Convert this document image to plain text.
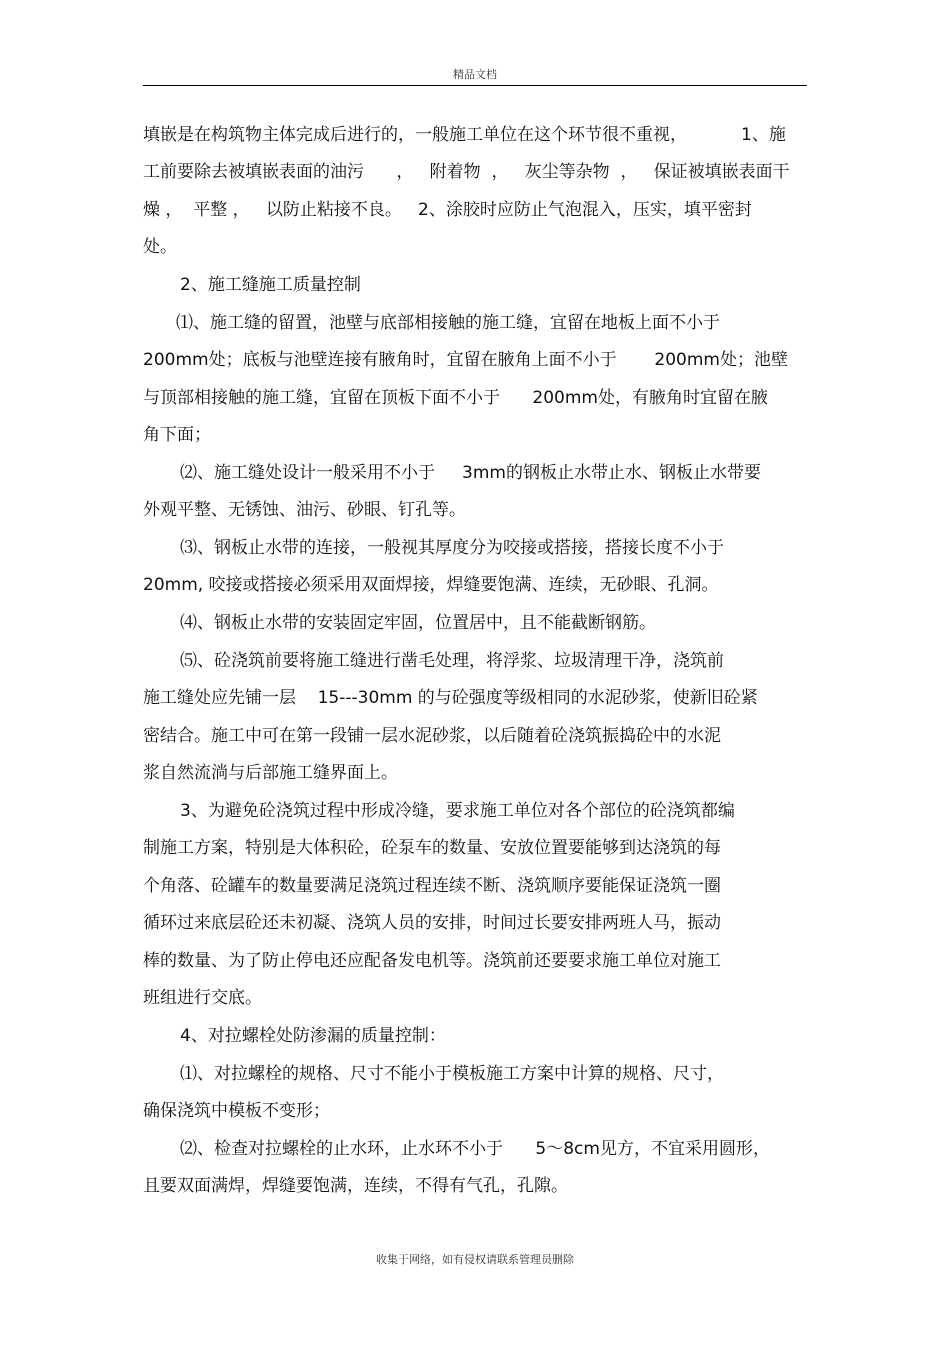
精品文档
填嵌是在构筑物主体完成后进行的，一般施工单位在这个环节很不重视，          1、施
工前要除去被填嵌表面的油污      ，   附着物  ，   灰尘等杂物  ，   保证被填嵌表面干
燥 ，  平整 ，   以防止粘接不良。   2、涂胶时应防止气泡混入，压实，填平密封
处。
2、施工缝施工质量控制
⑴、施工缝的留置，池壁与底部相接触的施工缝，宜留在地板上面不小于
200mm处；底板与池壁连接有腋角时，宜留在腋角上面不小于       200mm处；池壁
与顶部相接触的施工缝，宜留在顶板下面不小于      200mm处，有腋角时宜留在腋
角下面；
⑵、施工缝处设计一般采用不小于     3mm的钢板止水带止水、钢板止水带要
外观平整、无锈蚀、油污、砂眼、钉孔等。
⑶、钢板止水带的连接，一般视其厚度分为咬接或搭接，搭接长度不小于
20mm, 咬接或搭接必须采用双面焊接，焊缝要饱满、连续，无砂眼、孔洞。
⑷、钢板止水带的安装固定牢固，位置居中，且不能截断钢筋。
⑸、砼浇筑前要将施工缝进行凿毛处理，将浮浆、垃圾清理干净，浇筑前
施工缝处应先铺一层    15---30mm 的与砼强度等级相同的水泥砂浆，使新旧砼紧
密结合。施工中可在第一段铺一层水泥砂浆，以后随着砼浇筑振捣砼中的水泥
浆自然流淌与后部施工缝界面上。
3、为避免砼浇筑过程中形成冷缝，要求施工单位对各个部位的砼浇筑都编
制施工方案，特别是大体积砼，砼泵车的数量、安放位置要能够到达浇筑的每
个角落、砼罐车的数量要满足浇筑过程连续不断、浇筑顺序要能保证浇筑一圈
循环过来底层砼还未初凝、浇筑人员的安排，时间过长要安排两班人马，振动
棒的数量、为了防止停电还应配备发电机等。浇筑前还要要求施工单位对施工
班组进行交底。
4、对拉螺栓处防渗漏的质量控制：
⑴、对拉螺栓的规格、尺寸不能小于模板施工方案中计算的规格、尺寸，
确保浇筑中模板不变形；
⑵、检查对拉螺栓的止水环，止水环不小于      5～8cm见方，不宜采用圆形，
且要双面满焊，焊缝要饱满，连续，不得有气孔，孔隙。
收集于网络，如有侵权请联系管理员删除
